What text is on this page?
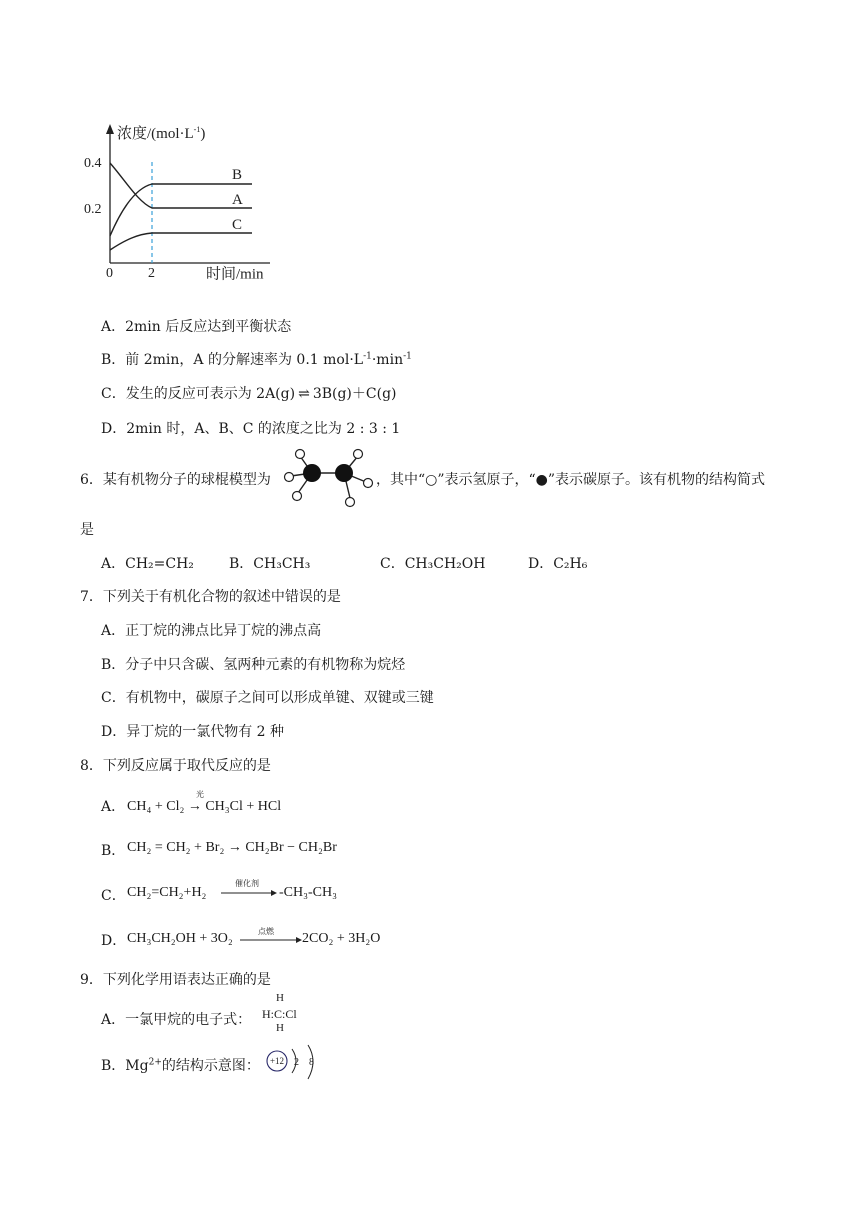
浓度$/(mol\cdot L^{-1})$
0.4
0.2
0	2	时间/min
B
A
C
A．2min 后反应达到平衡状态
B．前 2min，A 的分解速率为 0.1 $mol\cdot L^{-1}\cdot\min^{-1}$
C．发生的反应可表示为 2A(g) ⇌ 3B(g)＋C(g)
D．2min 时，A、B、C 的浓度之比为 2 : 3 : 1
6．某有机物分子的球棍模型为	，其中“○”表示氢原子，“●”表示碳原子。该有机物的结构简式
是
A．CH₂=CH₂	B．CH₃CH₃	C．CH₃CH₂OH	D．C₂H₆
7．下列关于有机化合物的叙述中错误的是
A．正丁烷的沸点比异丁烷的沸点高
B．分子中只含碳、氢两种元素的有机物称为烷烃
C．有机物中，碳原子之间可以形成单键、双键或三键
D．异丁烷的一氯代物有 2 种
8．下列反应属于取代反应的是
A．
光
CH₄ + Cl₂ → CH₃Cl + HCl
B． CH₂ = CH₂ + Br₂ → CH₂Br − CH₂Br
C． CH₂=CH₂+H₂
催化剂
-CH₃-CH₃
D． CH₃CH₂OH + 3O₂	点燃 2CO₂ + 3H₂O
9．下列化学用语表达正确的是
A．一氯甲烷的电子式：
H
H:C:Cl
H
B．$Mg^{2+}$的结构示意图： +12 2 8
